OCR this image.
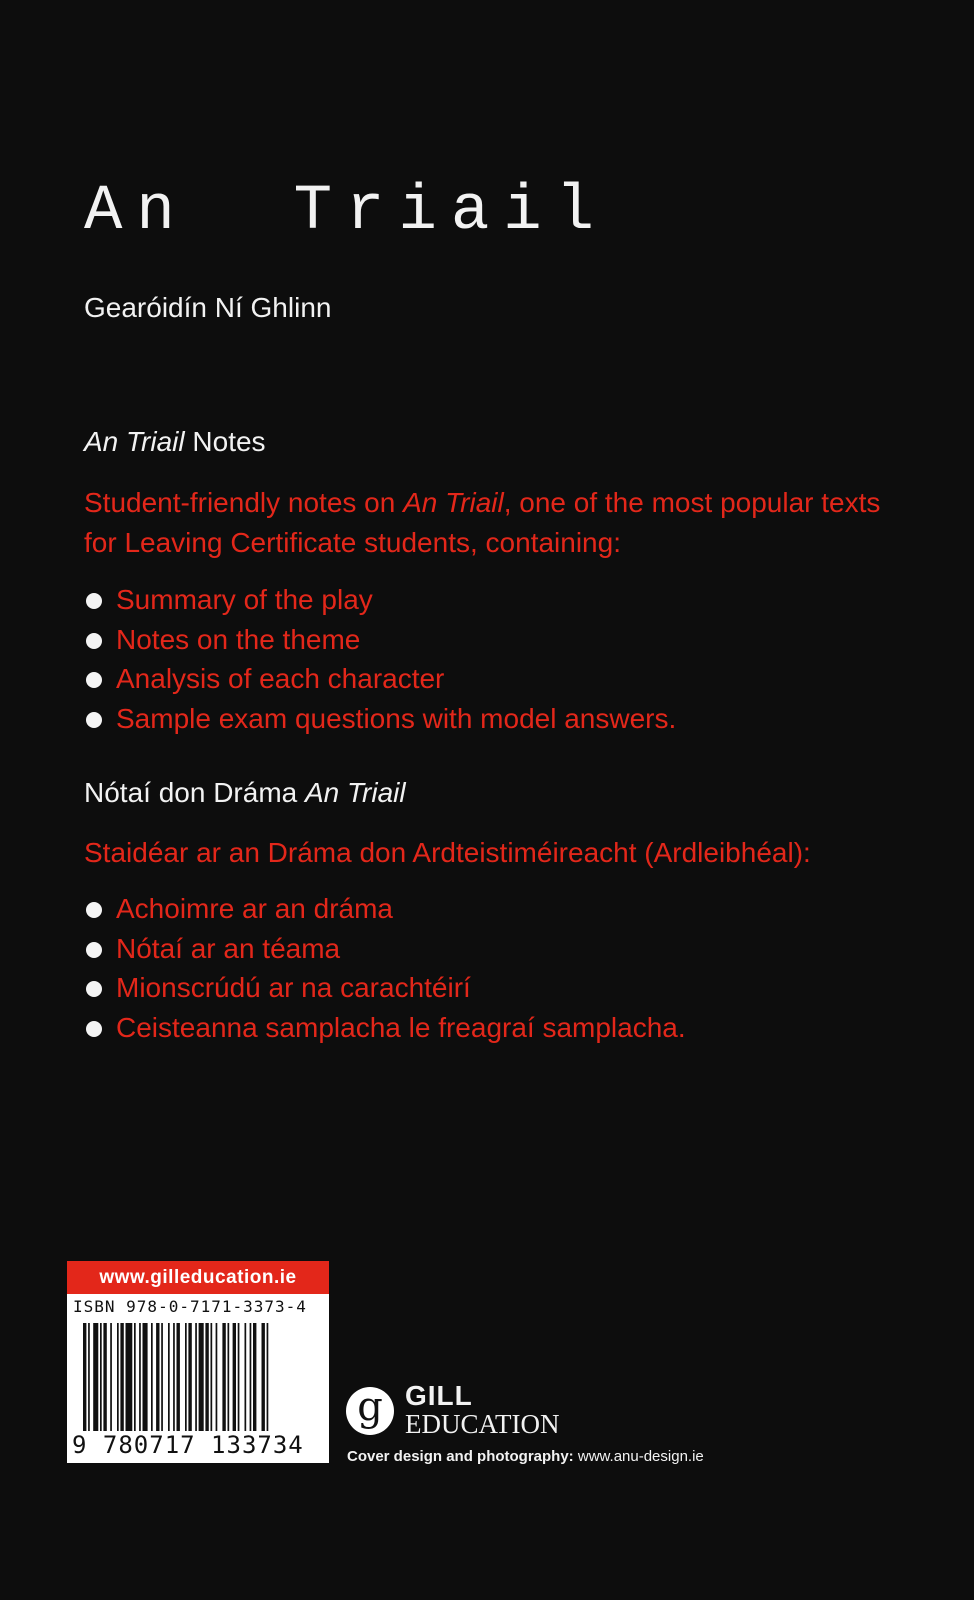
An  Triail

Gearóidín Ní Ghlinn

An Triail Notes

Student-friendly notes on An Triail, one of the most popular texts for Leaving Certificate students, containing:

Summary of the play
Notes on the theme
Analysis of each character
Sample exam questions with model answers.

Nótaí don Dráma An Triail

Staidéar ar an Dráma don Ardteistiméireacht (Ardleibhéal):

Achoimre ar an dráma
Nótaí ar an téama
Mionscrúdú ar na carachtéirí
Ceisteanna samplacha le freagraí samplacha.
www.gilleducation.ie
ISBN 978-0-7171-3373-4
9 780717 133734
g GILL
EDUCATION
Cover design and photography: www.anu-design.ie
